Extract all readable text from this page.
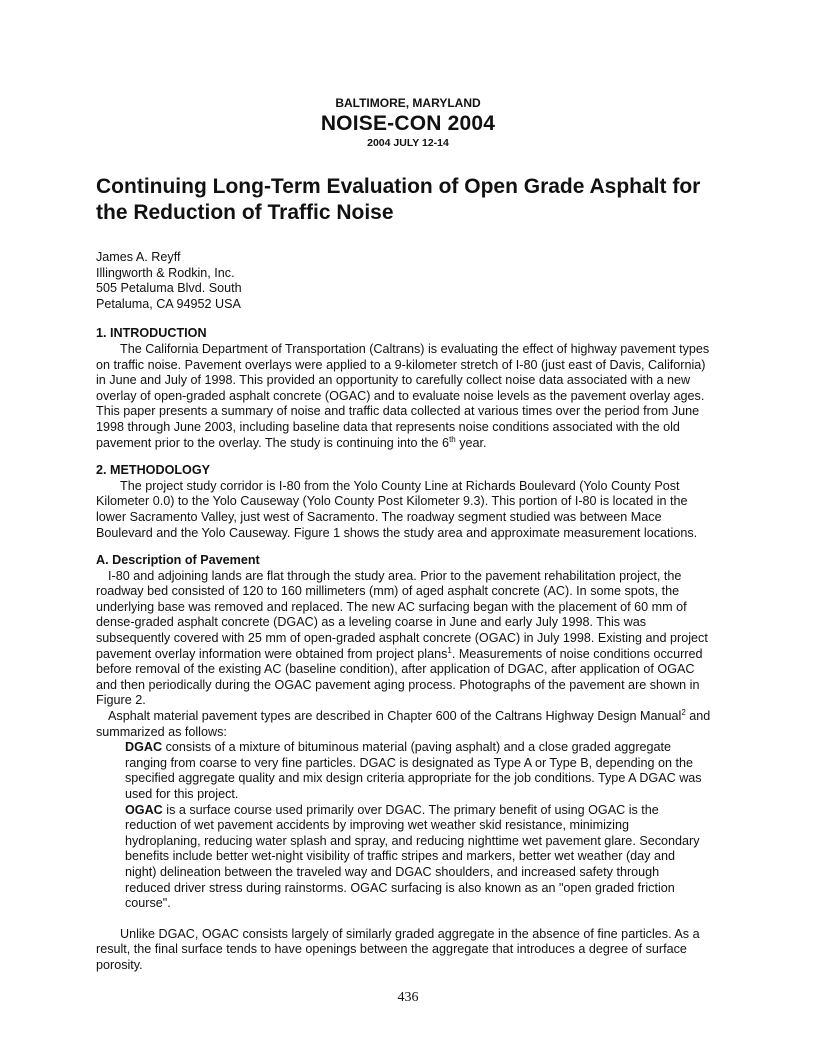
BALTIMORE, MARYLAND
NOISE-CON 2004
2004 JULY 12-14
Continuing Long-Term Evaluation of Open Grade Asphalt for the Reduction of Traffic Noise
James A. Reyff
Illingworth & Rodkin, Inc.
505 Petaluma Blvd. South
Petaluma, CA 94952 USA
1. INTRODUCTION

The California Department of Transportation (Caltrans) is evaluating the effect of highway pavement types on traffic noise. Pavement overlays were applied to a 9-kilometer stretch of I-80 (just east of Davis, California) in June and July of 1998. This provided an opportunity to carefully collect noise data associated with a new overlay of open-graded asphalt concrete (OGAC) and to evaluate noise levels as the pavement overlay ages. This paper presents a summary of noise and traffic data collected at various times over the period from June 1998 through June 2003, including baseline data that represents noise conditions associated with the old pavement prior to the overlay. The study is continuing into the 6th year.

2. METHODOLOGY

The project study corridor is I-80 from the Yolo County Line at Richards Boulevard (Yolo County Post Kilometer 0.0) to the Yolo Causeway (Yolo County Post Kilometer 9.3). This portion of I-80 is located in the lower Sacramento Valley, just west of Sacramento. The roadway segment studied was between Mace Boulevard and the Yolo Causeway. Figure 1 shows the study area and approximate measurement locations.

A. Description of Pavement

I-80 and adjoining lands are flat through the study area. Prior to the pavement rehabilitation project, the roadway bed consisted of 120 to 160 millimeters (mm) of aged asphalt concrete (AC). In some spots, the underlying base was removed and replaced. The new AC surfacing began with the placement of 60 mm of dense-graded asphalt concrete (DGAC) as a leveling coarse in June and early July 1998. This was subsequently covered with 25 mm of open-graded asphalt concrete (OGAC) in July 1998. Existing and project pavement overlay information were obtained from project plans$^1$. Measurements of noise conditions occurred before removal of the existing AC (baseline condition), after application of DGAC, after application of OGAC and then periodically during the OGAC pavement aging process. Photographs of the pavement are shown in Figure 2.

Asphalt material pavement types are described in Chapter 600 of the Caltrans Highway Design Manual$^2$ and summarized as follows:

DGAC consists of a mixture of bituminous material (paving asphalt) and a close graded aggregate ranging from coarse to very fine particles. DGAC is designated as Type A or Type B, depending on the specified aggregate quality and mix design criteria appropriate for the job conditions. Type A DGAC was used for this project.

OGAC is a surface course used primarily over DGAC. The primary benefit of using OGAC is the reduction of wet pavement accidents by improving wet weather skid resistance, minimizing hydroplaning, reducing water splash and spray, and reducing nighttime wet pavement glare. Secondary benefits include better wet-night visibility of traffic stripes and markers, better wet weather (day and night) delineation between the traveled way and DGAC shoulders, and increased safety through reduced driver stress during rainstorms. OGAC surfacing is also known as an "open graded friction course".

Unlike DGAC, OGAC consists largely of similarly graded aggregate in the absence of fine particles. As a result, the final surface tends to have openings between the aggregate that introduces a degree of surface porosity.

436
